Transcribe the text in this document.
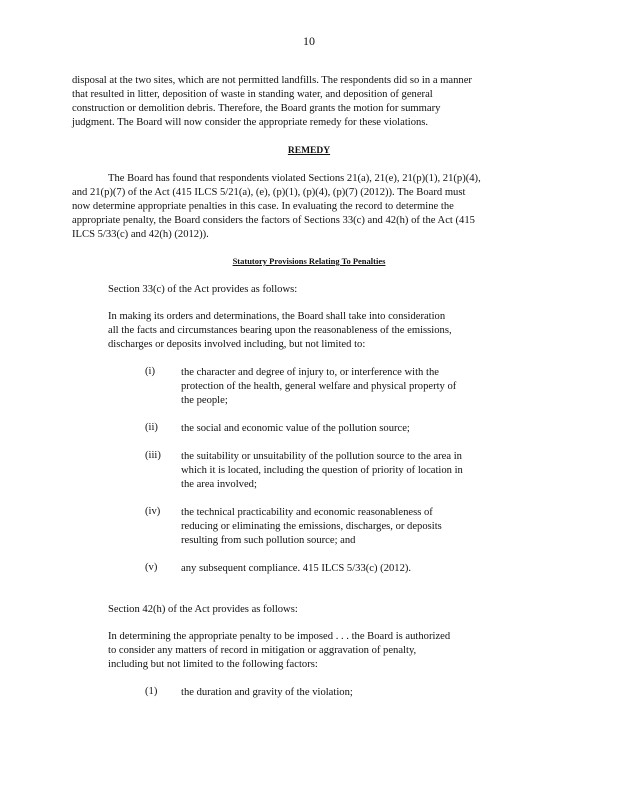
10
disposal at the two sites, which are not permitted landfills. The respondents did so in a manner
that resulted in litter, deposition of waste in standing water, and deposition of general
construction or demolition debris. Therefore, the Board grants the motion for summary
judgment. The Board will now consider the appropriate remedy for these violations.
REMEDY
The Board has found that respondents violated Sections 21(a), 21(e), 21(p)(1), 21(p)(4),
and 21(p)(7) of the Act (415 ILCS 5/21(a), (e), (p)(1), (p)(4), (p)(7) (2012)). The Board must
now determine appropriate penalties in this case. In evaluating the record to determine the
appropriate penalty, the Board considers the factors of Sections 33(c) and 42(h) of the Act (415
ILCS 5/33(c) and 42(h) (2012)).
Statutory Provisions Relating To Penalties
Section 33(c) of the Act provides as follows:
In making its orders and determinations, the Board shall take into consideration
all the facts and circumstances bearing upon the reasonableness of the emissions,
discharges or deposits involved including, but not limited to:
(i) the character and degree of injury to, or interference with the
protection of the health, general welfare and physical property of
the people;
(ii) the social and economic value of the pollution source;
(iii) the suitability or unsuitability of the pollution source to the area in
which it is located, including the question of priority of location in
the area involved;
(iv) the technical practicability and economic reasonableness of
reducing or eliminating the emissions, discharges, or deposits
resulting from such pollution source; and
(v) any subsequent compliance. 415 ILCS 5/33(c) (2012).
Section 42(h) of the Act provides as follows:
In determining the appropriate penalty to be imposed . . . the Board is authorized
to consider any matters of record in mitigation or aggravation of penalty,
including but not limited to the following factors:
(1) the duration and gravity of the violation;
